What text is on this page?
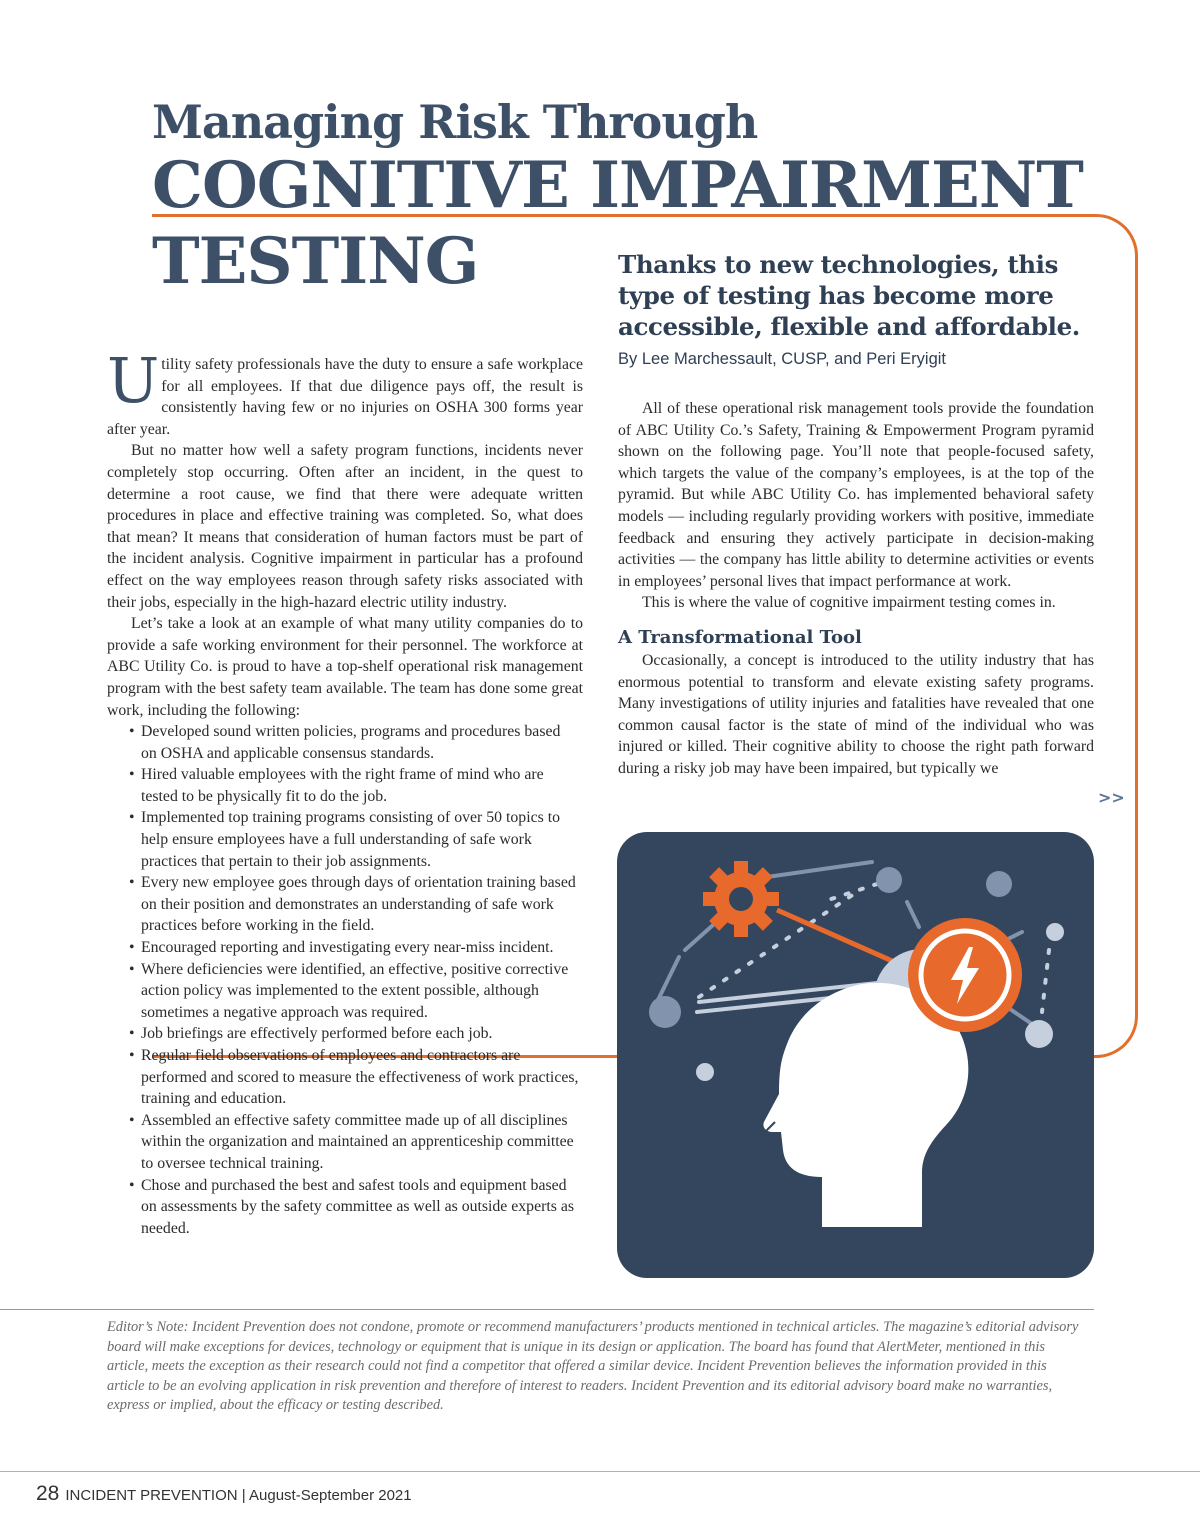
Managing Risk Through
COGNITIVE IMPAIRMENT
TESTING	Thanks to new technologies, this type of testing has become more accessible, flexible and affordable.

By Lee Marchessault, CUSP, and Peri Eryigit

Utility safety professionals have the duty to ensure a safe workplace for all employees. If that due diligence pays off, the result is consistently having few or no injuries on OSHA 300 forms year after year.

But no matter how well a safety program functions, incidents never completely stop occurring. Often after an incident, in the quest to determine a root cause, we find that there were adequate written procedures in place and effective training was completed. So, what does that mean? It means that consideration of human factors must be part of the incident analysis. Cognitive impairment in particular has a profound effect on the way employees reason through safety risks associated with their jobs, especially in the high-hazard electric utility industry.

Let’s take a look at an example of what many utility companies do to provide a safe working environment for their personnel. The workforce at ABC Utility Co. is proud to have a top-shelf operational risk management program with the best safety team available. The team has done some great work, including the following:

• Developed sound written policies, programs and procedures based on OSHA and applicable consensus standards.
• Hired valuable employees with the right frame of mind who are tested to be physically fit to do the job.
• Implemented top training programs consisting of over 50 topics to help ensure employees have a full understanding of safe work practices that pertain to their job assignments.
• Every new employee goes through days of orientation training based on their position and demonstrates an understanding of safe work practices before working in the field.
• Encouraged reporting and investigating every near-miss incident.
• Where deficiencies were identified, an effective, positive corrective action policy was implemented to the extent possible, although sometimes a negative approach was required.
• Job briefings are effectively performed before each job.
• Regular field observations of employees and contractors are performed and scored to measure the effectiveness of work practices, training and education.
• Assembled an effective safety committee made up of all disciplines within the organization and maintained an apprenticeship committee to oversee technical training.
• Chose and purchased the best and safest tools and equipment based on assessments by the safety committee as well as outside experts as needed.

All of these operational risk management tools provide the foundation of ABC Utility Co.’s Safety, Training & Empowerment Program pyramid shown on the following page. You’ll note that people-focused safety, which targets the value of the company’s employees, is at the top of the pyramid. But while ABC Utility Co. has implemented behavioral safety models — including regularly providing workers with positive, immediate feedback and ensuring they actively participate in decision-making activities — the company has little ability to determine activities or events in employees’ personal lives that impact performance at work.

This is where the value of cognitive impairment testing comes in.

A Transformational Tool

Occasionally, a concept is introduced to the utility industry that has enormous potential to transform and elevate existing safety programs. Many investigations of utility injuries and fatalities have revealed that one common causal factor is the state of mind of the individual who was injured or killed. Their cognitive ability to choose the right path forward during a risky job may have been impaired, but typically we

>>

Editor’s Note: Incident Prevention does not condone, promote or recommend manufacturers’ products mentioned in technical articles. The magazine’s editorial advisory board will make exceptions for devices, technology or equipment that is unique in its design or application. The board has found that AlertMeter, mentioned in this article, meets the exception as their research could not find a competitor that offered a similar device. Incident Prevention believes the information provided in this article to be an evolving application in risk prevention and therefore of interest to readers. Incident Prevention and its editorial advisory board make no warranties, express or implied, about the efficacy or testing described.

28 INCIDENT PREVENTION | August-September 2021
